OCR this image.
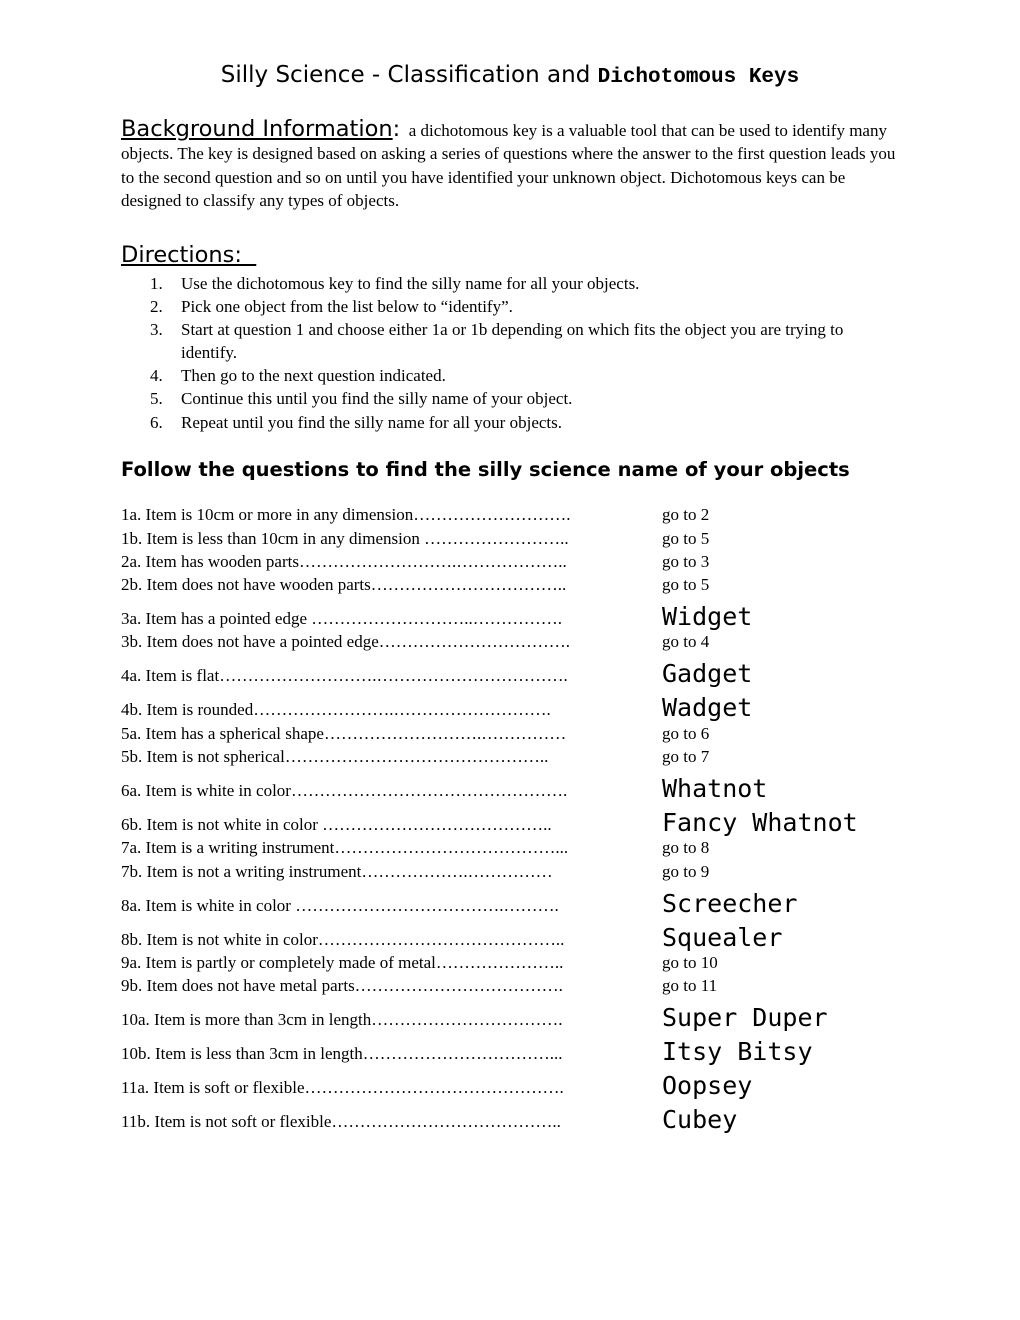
Silly Science - Classification and Dichotomous Keys
Background Information: a dichotomous key is a valuable tool that can be used to identify many objects. The key is designed based on asking a series of questions where the answer to the first question leads you to the second question and so on until you have identified your unknown object. Dichotomous keys can be designed to classify any types of objects.
Directions:
1. Use the dichotomous key to find the silly name for all your objects.
2. Pick one object from the list below to “identify”.
3. Start at question 1 and choose either 1a or 1b depending on which fits the object you are trying to identify.
4. Then go to the next question indicated.
5. Continue this until you find the silly name of your object.
6. Repeat until you find the silly name for all your objects.
Follow the questions to find the silly science name of your objects
1a. Item is 10cm or more in any dimension……………………….	go to 2
1b. Item is less than 10cm in any dimension ……………………..	go to 5
2a. Item has wooden parts……………………….………………..	go to 3
2b. Item does not have wooden parts……………………………..	go to 5
3a. Item has a pointed edge ………………………..…………….	Widget
3b. Item does not have a pointed edge…………………………….	go to 4
4a. Item is flat……………………….…………………………….	Gadget
4b. Item is rounded…………………….……………………….	Wadget
5a. Item has a spherical shape……………………….……………	go to 6
5b. Item is not spherical………………………………………..	go to 7
6a. Item is white in color………………………………………….	Whatnot
6b. Item is not white in color …………………………………..	Fancy Whatnot
7a. Item is a writing instrument…………………………………...	go to 8
7b. Item is not a writing instrument……………….……………	go to 9
8a. Item is white in color ……………………………….……….	Screecher
8b. Item is not white in color……………………………………..	Squealer
9a. Item is partly or completely made of metal…………………..	go to 10
9b. Item does not have metal parts……………………………….	go to 11
10a. Item is more than 3cm in length…………………………….	Super Duper
10b. Item is less than 3cm in length……………………………...	Itsy Bitsy
11a. Item is soft or flexible……………………………………….	Oopsey
11b. Item is not soft or flexible…………………………………..	Cubey
